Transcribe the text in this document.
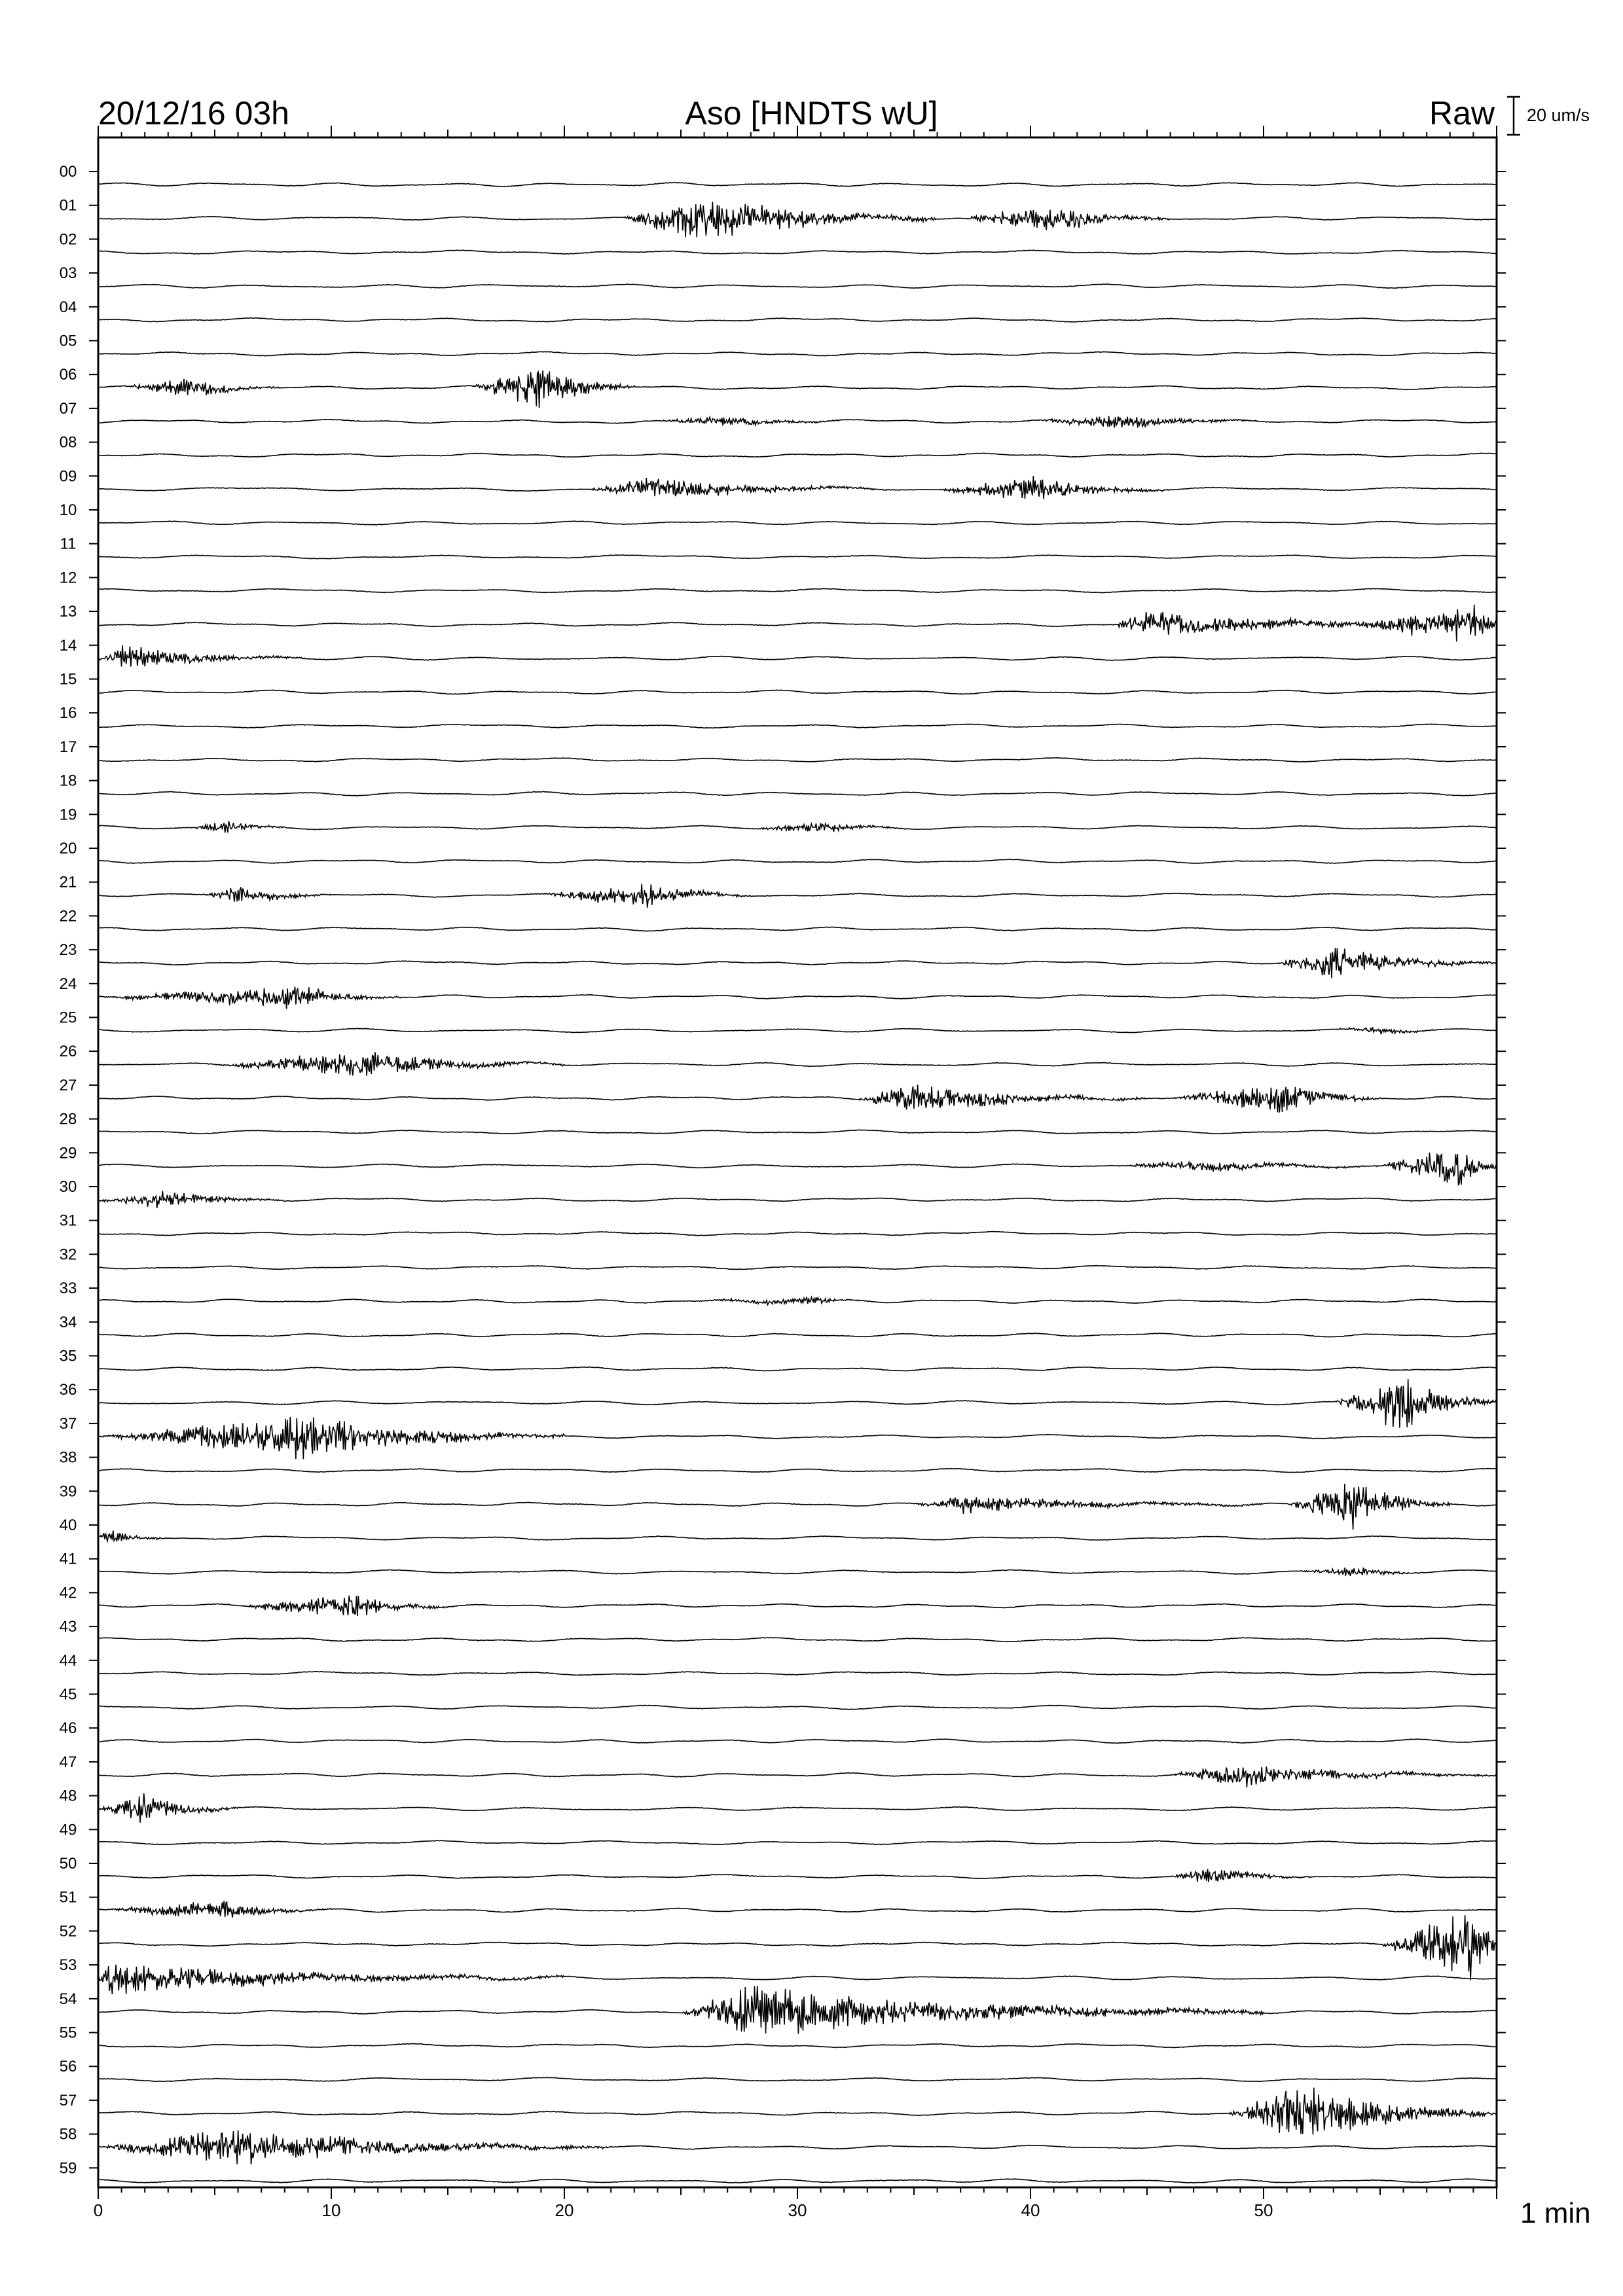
00
01
02
03
04
05
06
07
08
09
10
11
12
13
14
15
16
17
18
19
20
21
22
23
24
25
26
27
28
29
30
31
32
33
34
35
36
37
38
39
40
41
42
43
44
45
46
47
48
49
50
51
52
53
54
55
56
57
58
59
0	10	20	30	40	50
20/12/16 03h	Aso [HNDTS wU]	Raw 20 um/s
1 min
